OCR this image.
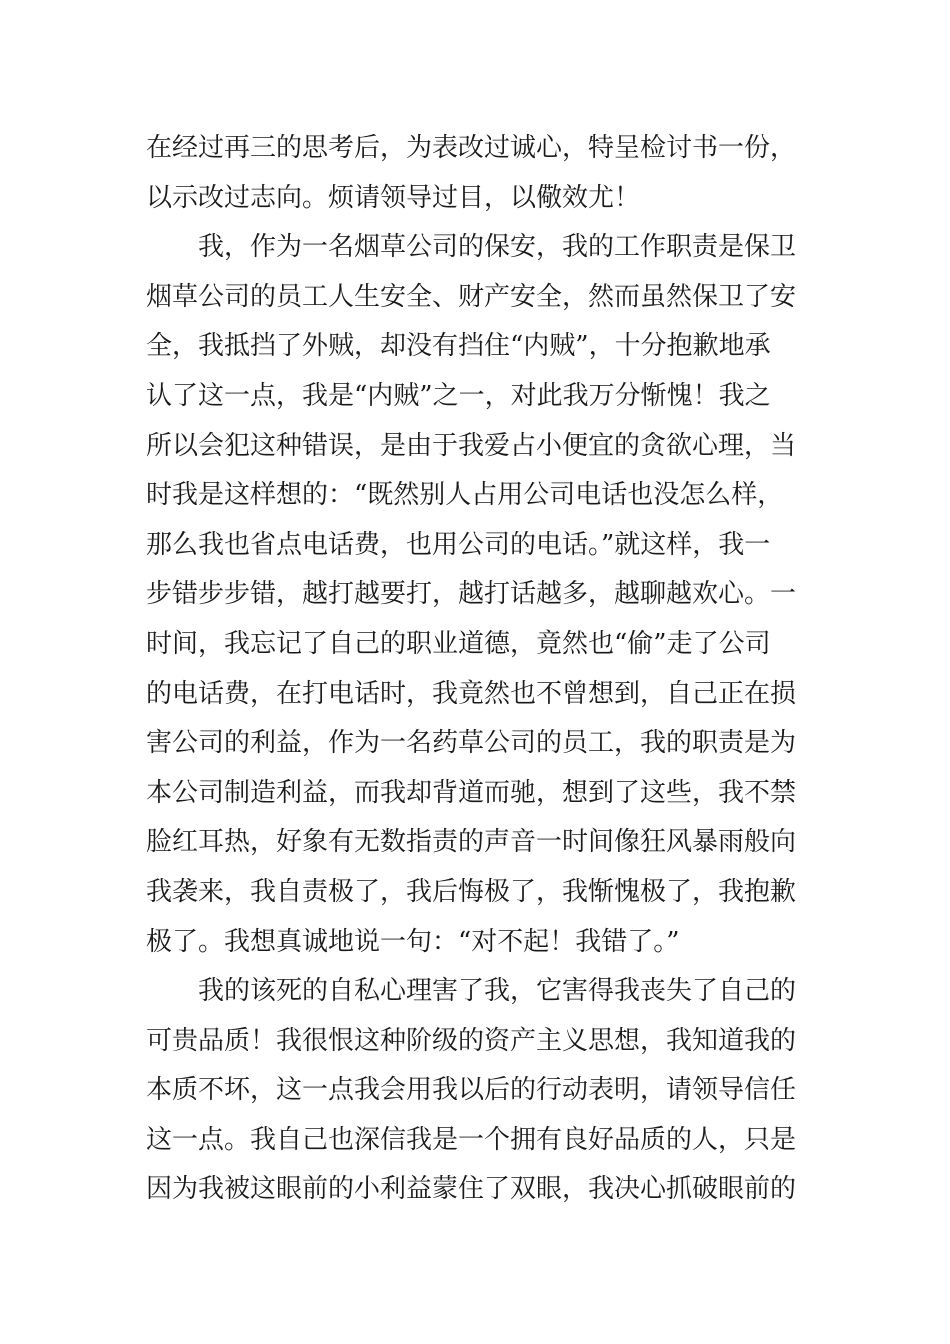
在经过再三的思考后，为表改过诚心，特呈检讨书一份，
以示改过志向。烦请领导过目，以儆效尤！
我，作为一名烟草公司的保安，我的工作职责是保卫
烟草公司的员工人生安全、财产安全，然而虽然保卫了安
全，我抵挡了外贼，却没有挡住“内贼”，十分抱歉地承
认了这一点，我是“内贼”之一，对此我万分惭愧！我之
所以会犯这种错误，是由于我爱占小便宜的贪欲心理，当
时我是这样想的：“既然别人占用公司电话也没怎么样，
那么我也省点电话费，也用公司的电话。”就这样，我一
步错步步错，越打越要打，越打话越多，越聊越欢心。一
时间，我忘记了自己的职业道德，竟然也“偷”走了公司
的电话费，在打电话时，我竟然也不曾想到，自己正在损
害公司的利益，作为一名药草公司的员工，我的职责是为
本公司制造利益，而我却背道而驰，想到了这些，我不禁
脸红耳热，好象有无数指责的声音一时间像狂风暴雨般向
我袭来，我自责极了，我后悔极了，我惭愧极了，我抱歉
极了。我想真诚地说一句：“对不起！我错了。”
我的该死的自私心理害了我，它害得我丧失了自己的
可贵品质！我很恨这种阶级的资产主义思想，我知道我的
本质不坏，这一点我会用我以后的行动表明，请领导信任
这一点。我自己也深信我是一个拥有良好品质的人，只是
因为我被这眼前的小利益蒙住了双眼，我决心抓破眼前的
